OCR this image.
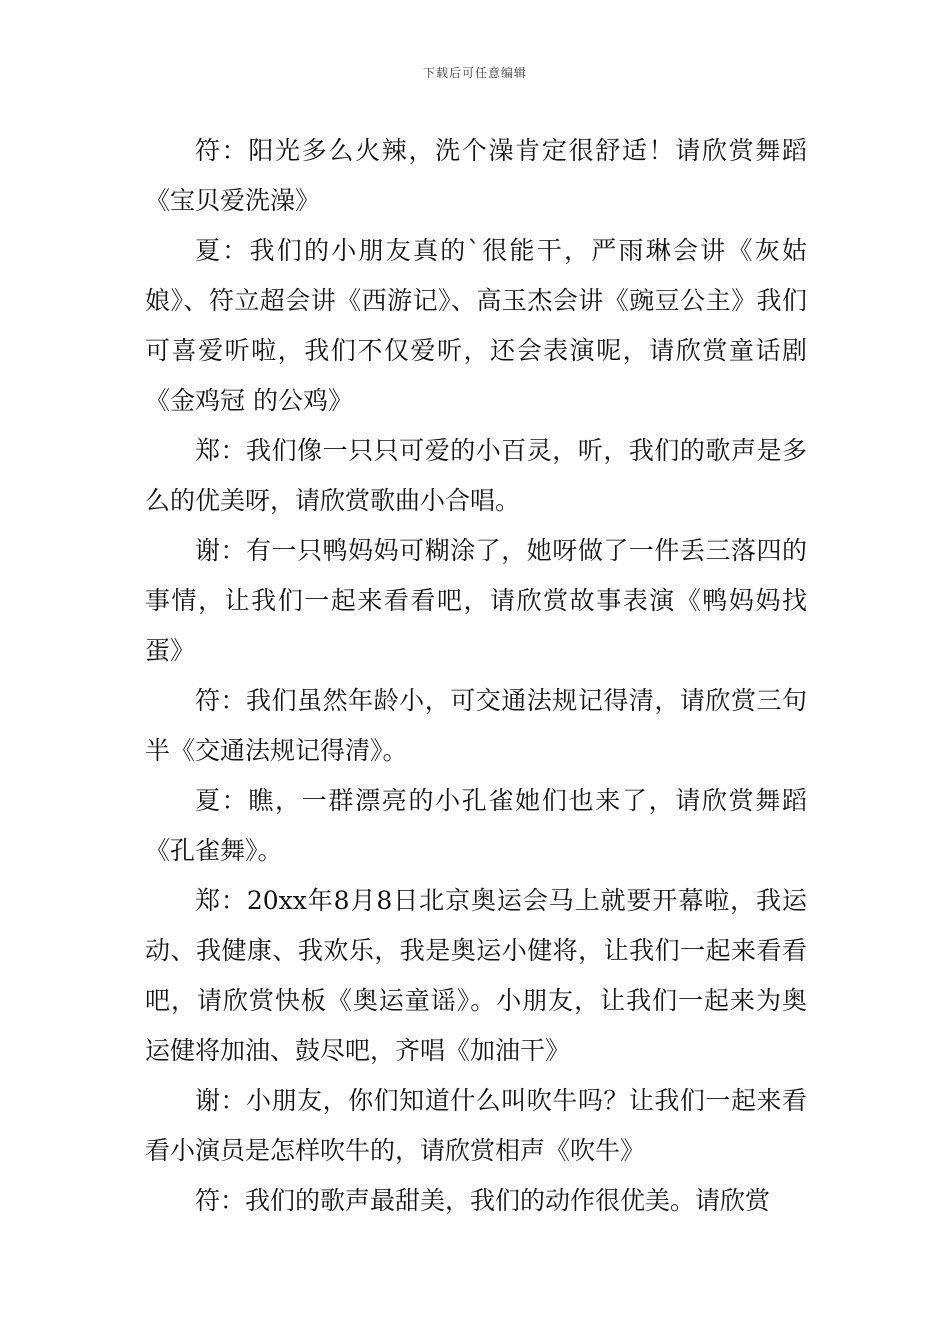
下载后可任意编辑

符：阳光多么火辣，洗个澡肯定很舒适！请欣赏舞蹈《宝贝爱洗澡》

夏：我们的小朋友真的`很能干，严雨琳会讲《灰姑娘》、符立超会讲《西游记》、高玉杰会讲《豌豆公主》我们可喜爱听啦，我们不仅爱听，还会表演呢，请欣赏童话剧《金鸡冠 的公鸡》

郑：我们像一只只可爱的小百灵，听，我们的歌声是多么的优美呀，请欣赏歌曲小合唱。

谢：有一只鸭妈妈可糊涂了，她呀做了一件丢三落四的事情，让我们一起来看看吧，请欣赏故事表演《鸭妈妈找蛋》

符：我们虽然年龄小，可交通法规记得清，请欣赏三句半《交通法规记得清》。

夏：瞧，一群漂亮的小孔雀她们也来了，请欣赏舞蹈《孔雀舞》。

郑：20xx年8月8日北京奥运会马上就要开幕啦，我运动、我健康、我欢乐，我是奥运小健将，让我们一起来看看吧，请欣赏快板《奥运童谣》。小朋友，让我们一起来为奥运健将加油、鼓尽吧，齐唱《加油干》

谢：小朋友，你们知道什么叫吹牛吗？让我们一起来看看小演员是怎样吹牛的，请欣赏相声《吹牛》

符：我们的歌声最甜美，我们的动作很优美。请欣赏
